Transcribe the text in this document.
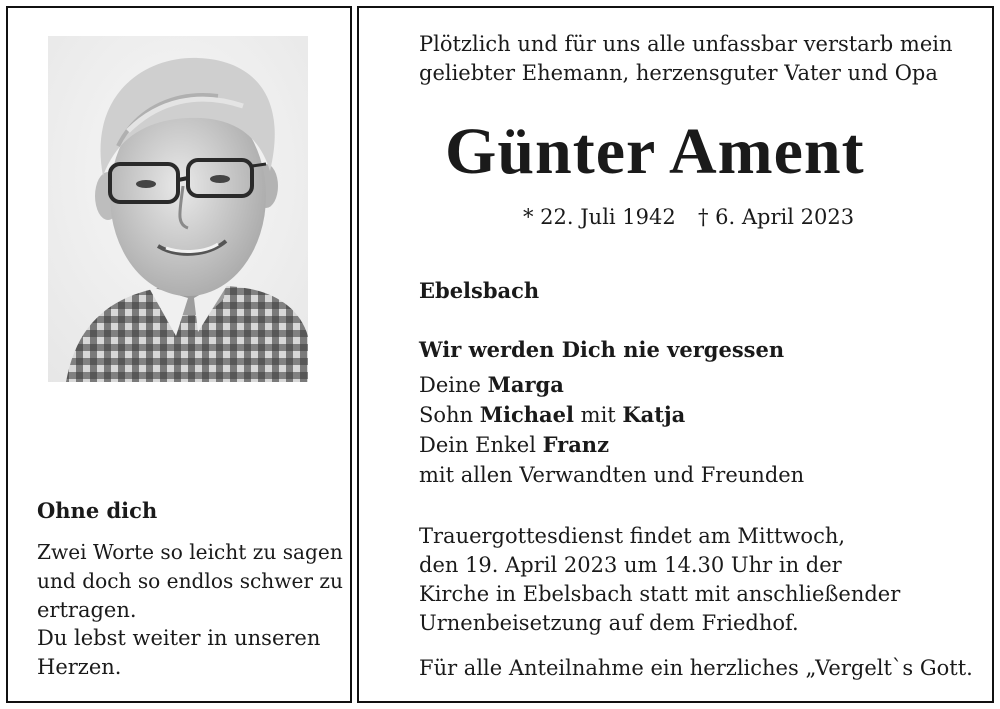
Ohne dich
Zwei Worte so leicht zu sagen
und doch so endlos schwer zu
ertragen.
Du lebst weiter in unseren
Herzen.
Plötzlich und für uns alle unfassbar verstarb mein
geliebter Ehemann, herzensguter Vater und Opa
Günter Ament
* 22. Juli 1942 † 6. April 2023
Ebelsbach
Wir werden Dich nie vergessen
Deine Marga
Sohn Michael mit Katja
Dein Enkel Franz
mit allen Verwandten und Freunden
Trauergottesdienst findet am Mittwoch,
den 19. April 2023 um 14.30 Uhr in der
Kirche in Ebelsbach statt mit anschließender
Urnenbeisetzung auf dem Friedhof.
Für alle Anteilnahme ein herzliches „Vergelt`s Gott.
